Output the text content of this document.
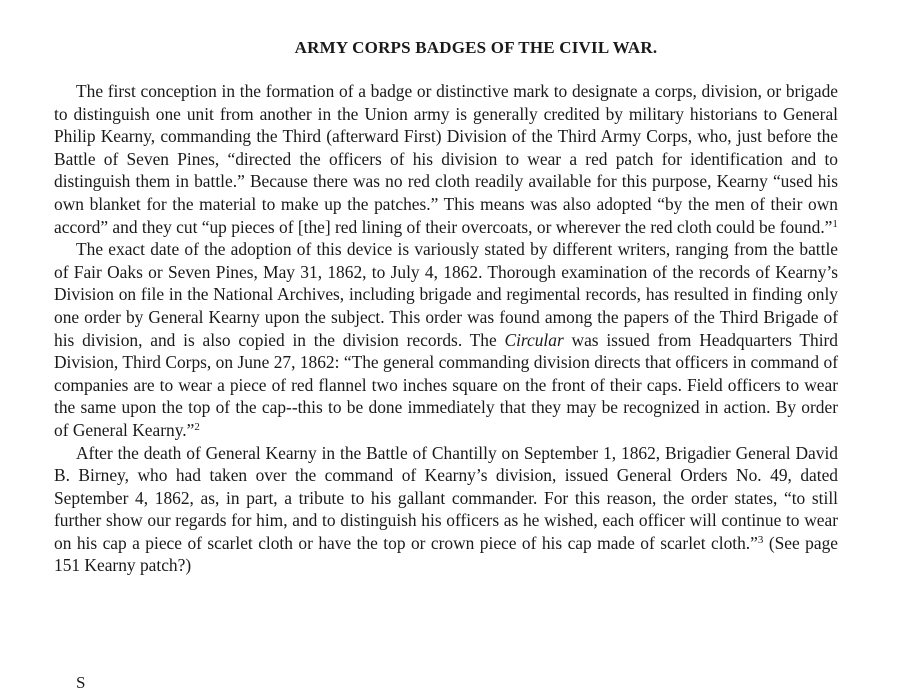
ARMY CORPS BADGES OF THE CIVIL WAR.

The first conception in the formation of a badge or distinctive mark to designate a corps, division, or brigade to distinguish one unit from another in the Union army is generally credited by military historians to General Philip Kearny, commanding the Third (afterward First) Division of the Third Army Corps, who, just before the Battle of Seven Pines, “directed the officers of his division to wear a red patch for identification and to distinguish them in battle.” Because there was no red cloth readily available for this purpose, Kearny “used his own blanket for the material to make up the patches.” This means was also adopted “by the men of their own accord” and they cut “up pieces of [the] red lining of their overcoats, or wherever the red cloth could be found.”$^1$

The exact date of the adoption of this device is variously stated by different writers, ranging from the battle of Fair Oaks or Seven Pines, May 31, 1862, to July 4, 1862. Thorough examination of the records of Kearny’s Division on file in the National Archives, including brigade and regimental records, has resulted in finding only one order by General Kearny upon the subject. This order was found among the papers of the Third Brigade of his division, and is also copied in the division records. The Circular was issued from Headquarters Third Division, Third Corps, on June 27, 1862: “The general commanding division directs that officers in command of companies are to wear a piece of red flannel two inches square on the front of their caps. Field officers to wear the same upon the top of the cap--this to be done immediately that they may be recognized in action. By order of General Kearny.”$^2$

After the death of General Kearny in the Battle of Chantilly on September 1, 1862, Brigadier General David B. Birney, who had taken over the command of Kearny’s division, issued General Orders No. 49, dated September 4, 1862, as, in part, a tribute to his gallant commander. For this reason, the order states, “to still further show our regards for him, and to distinguish his officers as he wished, each officer will continue to wear on his cap a piece of scarlet cloth or have the top or crown piece of his cap made of scarlet cloth.”$^3$ (See page 151 Kearny patch?)

S
